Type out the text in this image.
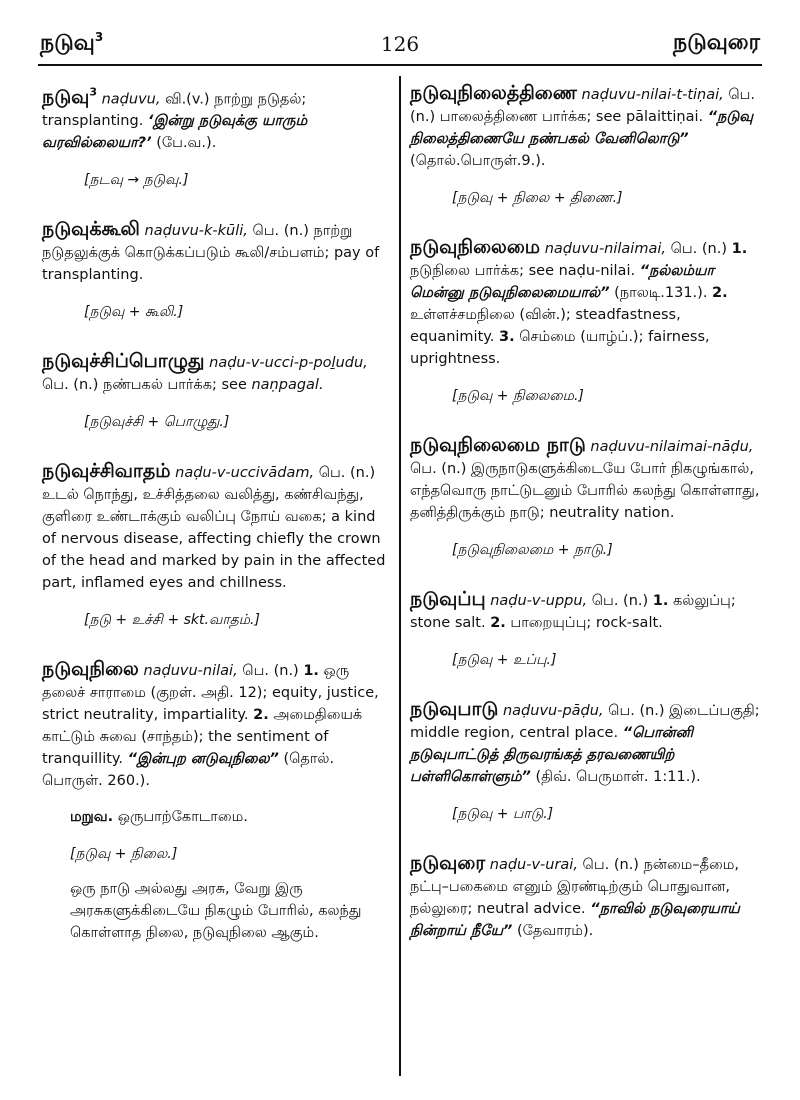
நடுவு$^3$	126	நடுவுரை

நடுவு$^3$ naḍuvu, வி.(v.) நாற்று நடுதல்; transplanting. ‘இன்று நடுவுக்கு யாரும் வரவில்லையா?’ (பே.வ.).

[நடவு → நடுவு.]

நடுவுக்கூலி naḍuvu-k-kūli, பெ. (n.) நாற்று நடுதலுக்குக் கொடுக்கப்படும் கூலி/சம்பளம்; pay of transplanting.

[நடுவு + கூலி.]

நடுவுச்சிப்பொழுது naḍu-v-ucci-p-poḻudu, பெ. (n.) நண்பகல் பார்க்க; see naṇpagal.

[நடுவுச்சி + பொழுது.]

நடுவுச்சிவாதம் naḍu-v-uccivādam, பெ. (n.) உடல் நொந்து, உச்சித்தலை வலித்து, கண்சிவந்து, குளிரை உண்டாக்கும் வலிப்பு நோய் வகை; a kind of nervous disease, affecting chiefly the crown of the head and marked by pain in the affected part, inflamed eyes and chillness.

[நடு + உச்சி + skt.வாதம்.]

நடுவுநிலை naḍuvu-nilai, பெ. (n.) 1. ஒரு தலைச் சாராமை (குறள். அதி. 12); equity, justice, strict neutrality, impartiality. 2. அமைதியைக் காட்டும் சுவை (சாந்தம்); the sentiment of tranquillity. “இன்புற னடுவுநிலை” (தொல். பொருள். 260.).

மறுவ. ஒருபாற்கோடாமை.
[நடுவு + நிலை.]
ஒரு நாடு அல்லது அரசு, வேறு இரு அரசுகளுக்கிடையே நிகழும் போரில், கலந்து கொள்ளாத நிலை, நடுவுநிலை ஆகும்.

நடுவுநிலைத்திணை naḍuvu-nilai-t-tiṇai, பெ. (n.) பாலைத்திணை பார்க்க; see pālaittiṇai. “நடுவு நிலைத்திணையே நண்பகல் வேனிலொடு” (தொல்.பொருள்.9.).

[நடுவு + நிலை + திணை.]

நடுவுநிலைமை naḍuvu-nilaimai, பெ. (n.) 1. நடுநிலை பார்க்க; see naḍu-nilai. “நல்லம்யா மென்னு நடுவுநிலைமையால்” (நாலடி.131.). 2. உள்ளச்சமநிலை (வின்.); steadfastness, equanimity. 3. செம்மை (யாழ்ப்.); fairness, uprightness.

[நடுவு + நிலைமை.]

நடுவுநிலைமை நாடு naḍuvu-nilaimai-nāḍu, பெ. (n.) இருநாடுகளுக்கிடையே போர் நிகழுங்கால், எந்தவொரு நாட்டுடனும் போரில் கலந்து கொள்ளாது, தனித்திருக்கும் நாடு; neutrality nation.

[நடுவுநிலைமை + நாடு.]

நடுவுப்பு naḍu-v-uppu, பெ. (n.) 1. கல்லுப்பு; stone salt. 2. பாறையுப்பு; rock-salt.

[நடுவு + உப்பு.]

நடுவுபாடு naḍuvu-pāḍu, பெ. (n.) இடைப்பகுதி; middle region, central place. “பொன்னி நடுவுபாட்டுத் திருவரங்கத் தரவணையிற் பள்ளிகொள்ளும்” (திவ். பெருமாள். 1:11.).

[நடுவு + பாடு.]

நடுவுரை naḍu-v-urai, பெ. (n.) நன்மை–தீமை, நட்பு–பகைமை எனும் இரண்டிற்கும் பொதுவான, நல்லுரை; neutral advice. “நாவில் நடுவுரையாய் நின்றாய் நீயே” (தேவாரம்).
